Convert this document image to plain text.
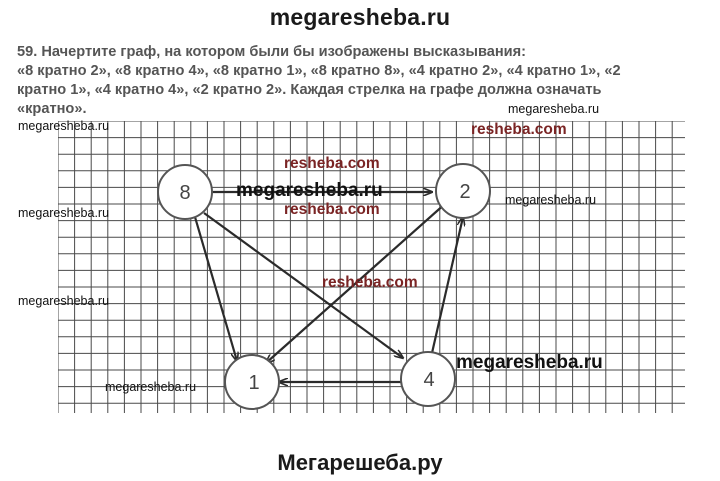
megaresheba.ru
59. Начертите граф, на котором были бы изображены высказывания:
«8 кратно 2», «8 кратно 4», «8 кратно 1», «8 кратно 8», «4 кратно 2», «4 кратно 1», «2
кратно 1», «4 кратно 4», «2 кратно 2». Каждая стрелка на графе должна означать
«кратно».
8	2
1	4
megaresheba.ru
megaresheba.ru
megaresheba.ru
megaresheba.ru
megaresheba.ru
megaresheba.ru
megaresheba.ru
megaresheba.ru
resheba.com
resheba.com
resheba.com
resheba.com
Мегарешеба.ру
